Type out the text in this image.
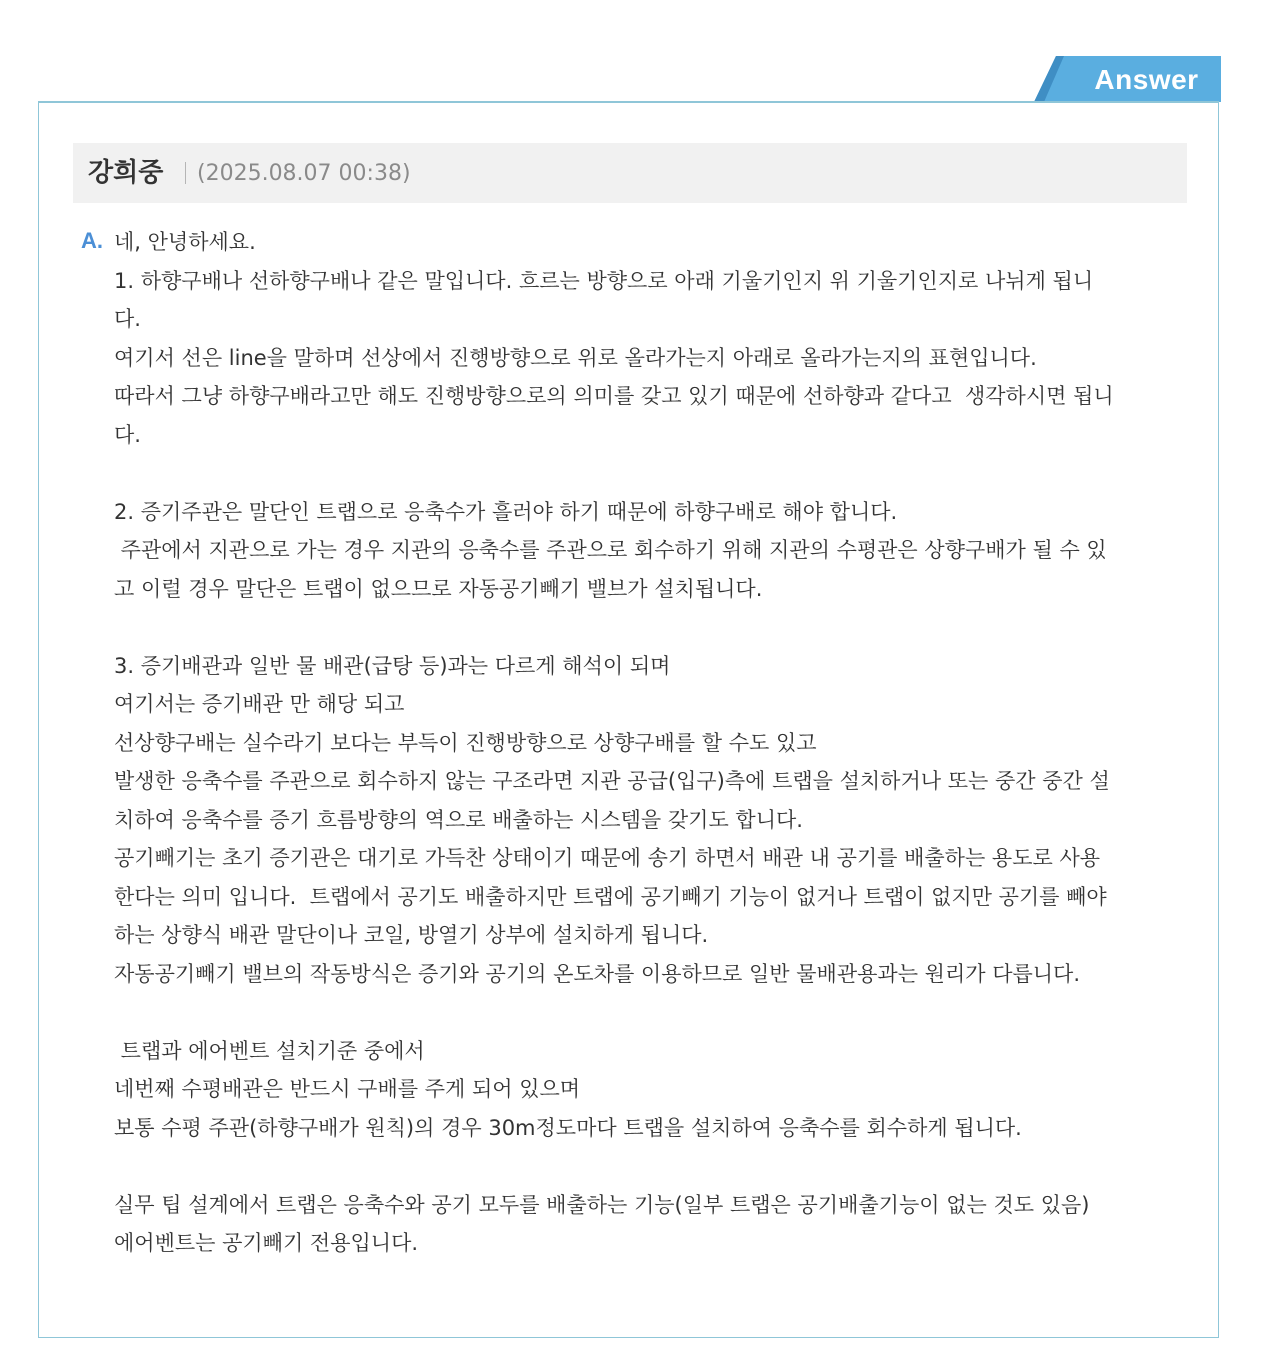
Answer
강희중 (2025.08.07 00:38)
A. 네, 안녕하세요.
1. 하향구배나 선하향구배나 같은 말입니다. 흐르는 방향으로 아래 기울기인지 위 기울기인지로 나뉘게 됩니
다.
여기서 선은 line을 말하며 선상에서 진행방향으로 위로 올라가는지 아래로 올라가는지의 표현입니다.
따라서 그냥 하향구배라고만 해도 진행방향으로의 의미를 갖고 있기 때문에 선하향과 같다고  생각하시면 됩니
다.
2. 증기주관은 말단인 트랩으로 응축수가 흘러야 하기 때문에 하향구배로 해야 합니다.
주관에서 지관으로 가는 경우 지관의 응축수를 주관으로 회수하기 위해 지관의 수평관은 상향구배가 될 수 있
고 이럴 경우 말단은 트랩이 없으므로 자동공기빼기 밸브가 설치됩니다.
3. 증기배관과 일반 물 배관(급탕 등)과는 다르게 해석이 되며
여기서는 증기배관 만 해당 되고
선상향구배는 실수라기 보다는 부득이 진행방향으로 상향구배를 할 수도 있고
발생한 응축수를 주관으로 회수하지 않는 구조라면 지관 공급(입구)측에 트랩을 설치하거나 또는 중간 중간 설
치하여 응축수를 증기 흐름방향의 역으로 배출하는 시스템을 갖기도 합니다.
공기빼기는 초기 증기관은 대기로 가득찬 상태이기 때문에 송기 하면서 배관 내 공기를 배출하는 용도로 사용
한다는 의미 입니다.  트랩에서 공기도 배출하지만 트랩에 공기빼기 기능이 없거나 트랩이 없지만 공기를 빼야
하는 상향식 배관 말단이나 코일, 방열기 상부에 설치하게 됩니다.
자동공기빼기 밸브의 작동방식은 증기와 공기의 온도차를 이용하므로 일반 물배관용과는 원리가 다릅니다.
트랩과 에어벤트 설치기준 중에서
네번째 수평배관은 반드시 구배를 주게 되어 있으며
보통 수평 주관(하향구배가 원칙)의 경우 30m정도마다 트랩을 설치하여 응축수를 회수하게 됩니다.
실무 팁 설계에서 트랩은 응축수와 공기 모두를 배출하는 기능(일부 트랩은 공기배출기능이 없는 것도 있음)
에어벤트는 공기빼기 전용입니다.
